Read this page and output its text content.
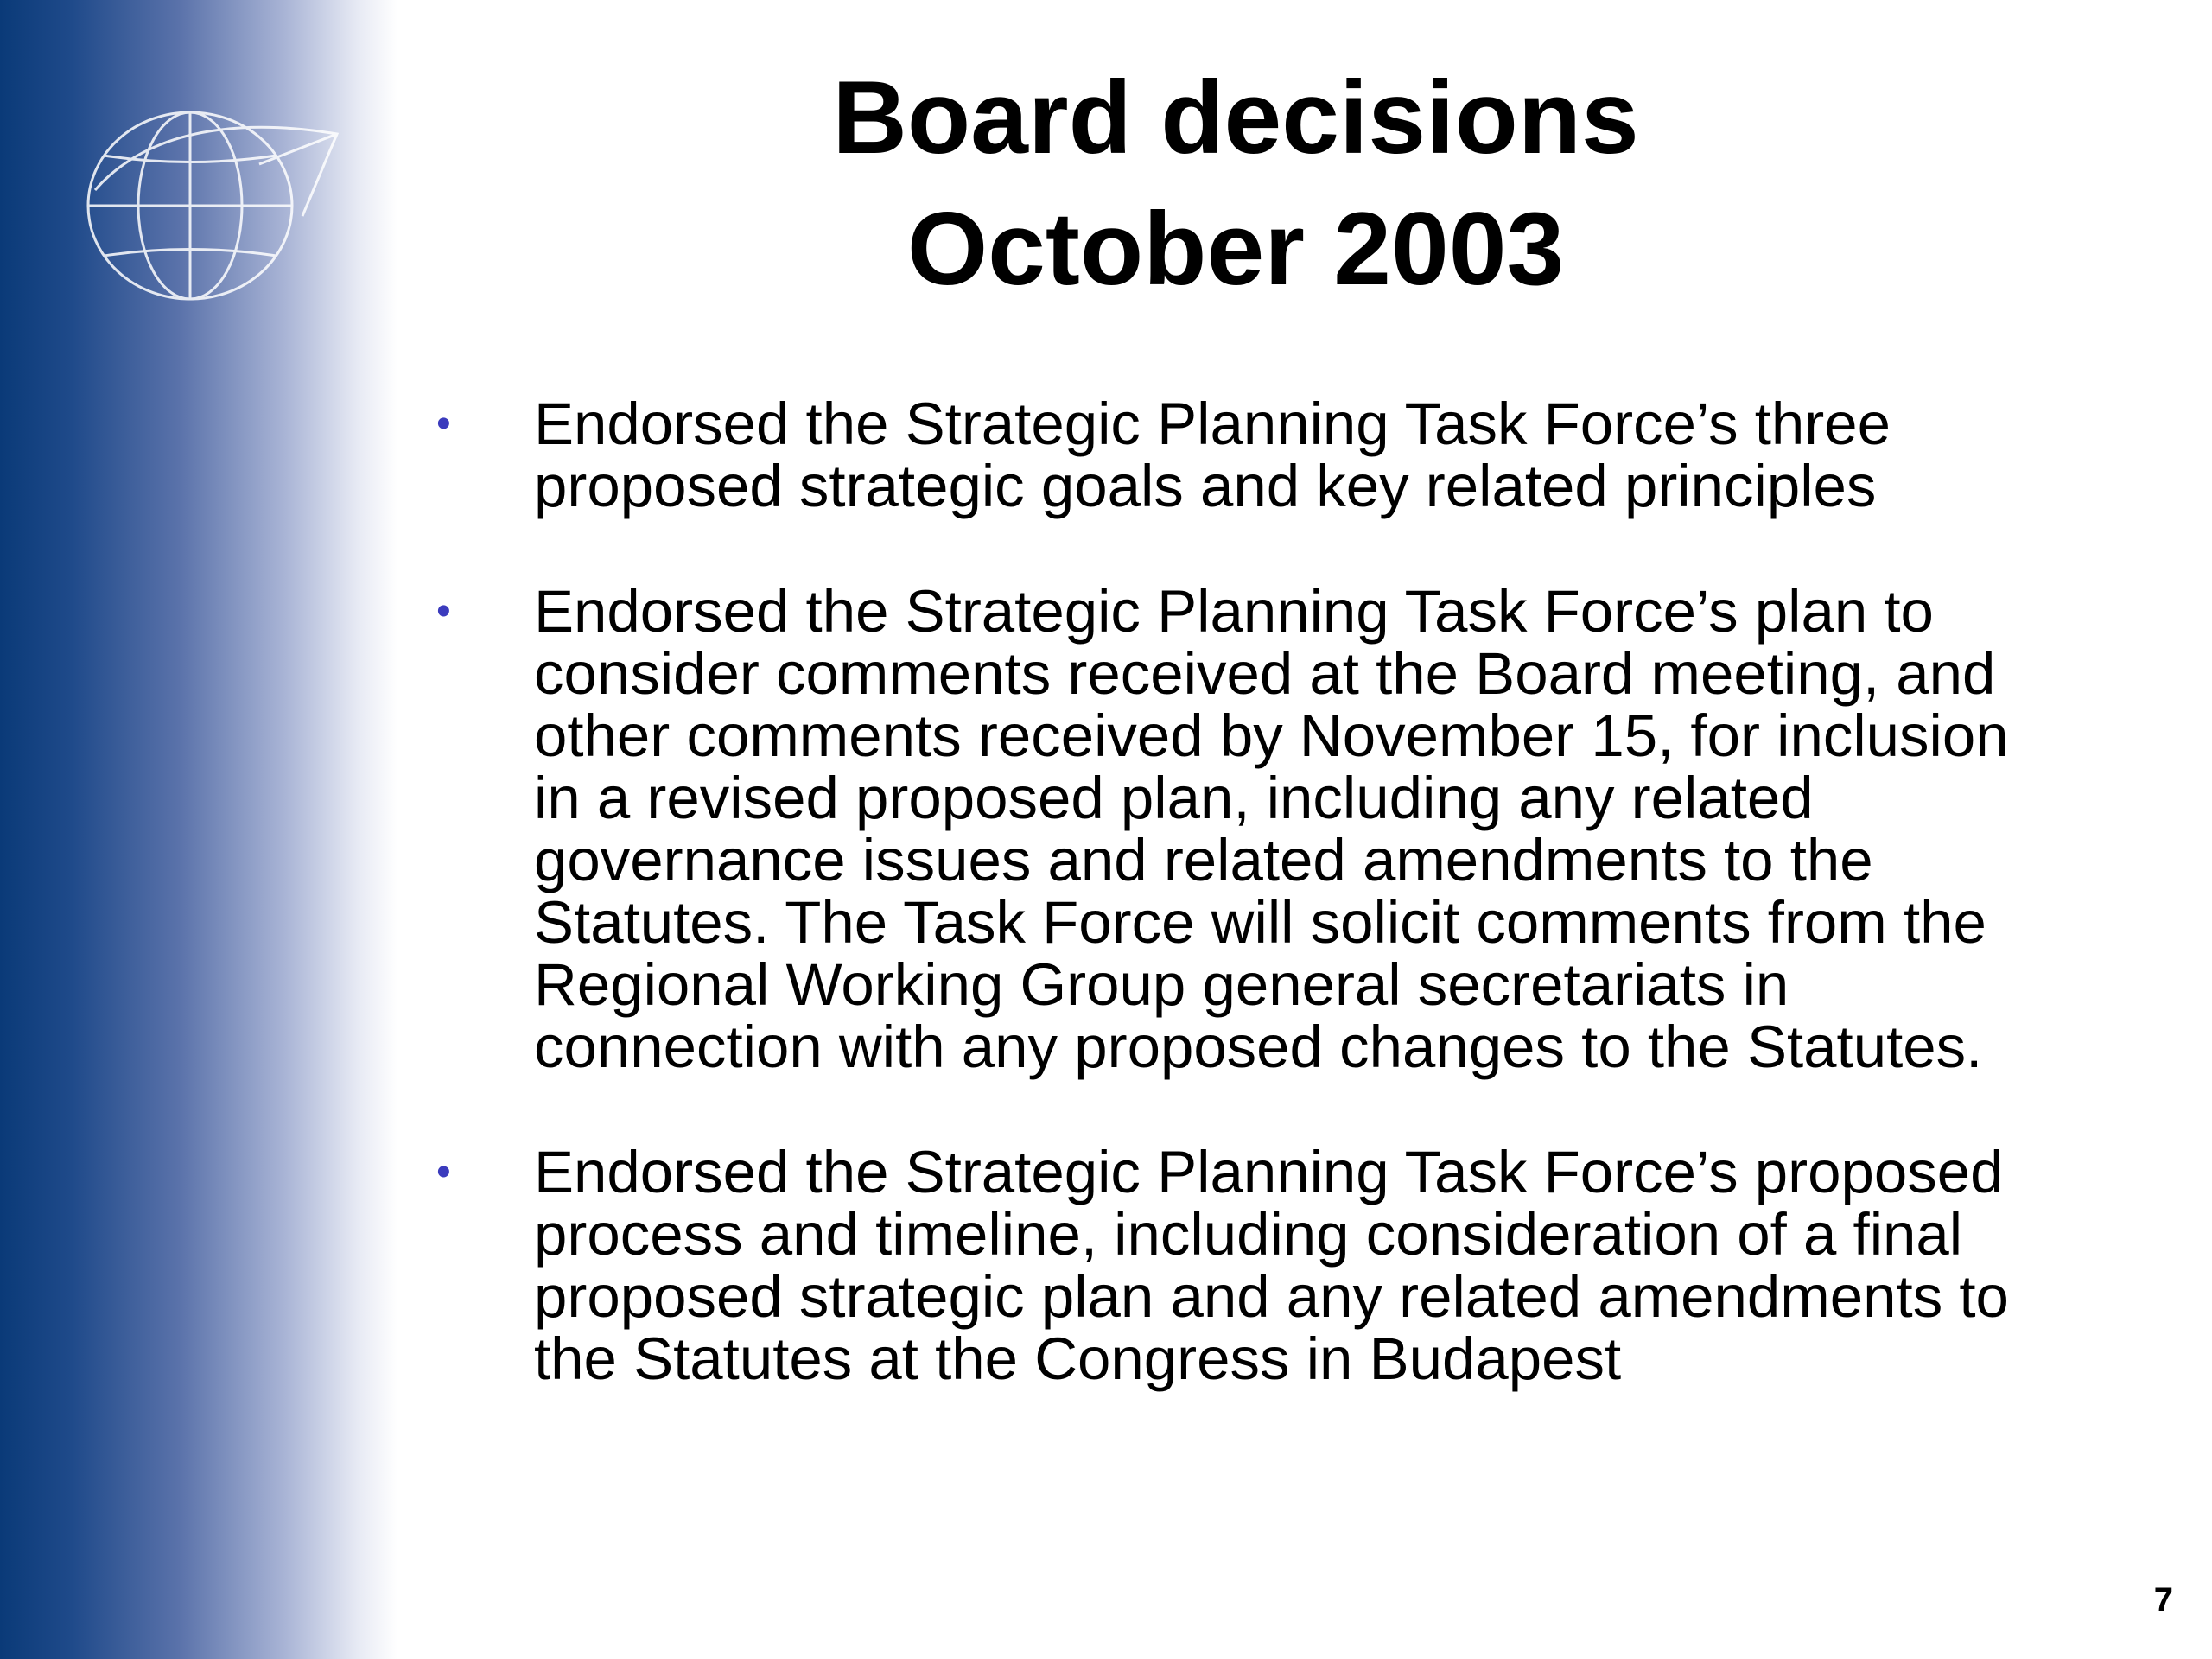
Board decisions
October 2003
•	Endorsed the Strategic Planning Task Force’s three proposed strategic goals and key related principles
•	Endorsed the Strategic Planning Task Force’s plan to consider comments received at the Board meeting, and other comments received by November 15, for inclusion in a revised proposed plan, including any related governance issues and related amendments to the Statutes. The Task Force will solicit comments from the Regional Working Group general secretariats in connection with any proposed changes to the Statutes.
•	Endorsed the Strategic Planning Task Force’s proposed process and timeline, including consideration of a final proposed strategic plan and any related amendments to the Statutes at the Congress in Budapest
7
